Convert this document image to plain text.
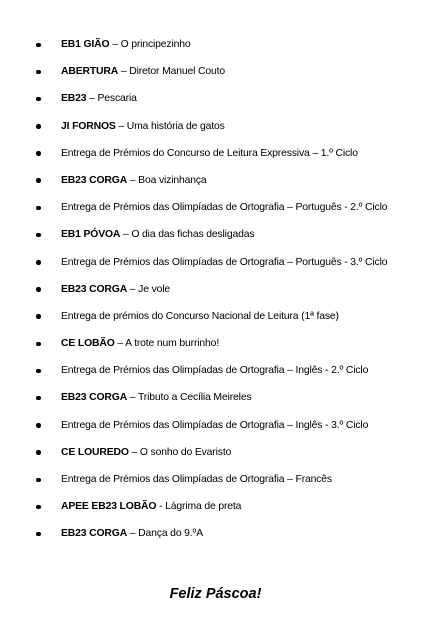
EB1 GIÃO – O principezinho
ABERTURA – Diretor Manuel Couto
EB23 – Pescaria
JI FORNOS – Uma história de gatos
Entrega de Prémios do Concurso de Leitura Expressiva – 1.º Ciclo
EB23 CORGA – Boa vizinhança
Entrega de Prémios das Olimpíadas de Ortografia – Português - 2.º Ciclo
EB1 PÓVOA – O dia das fichas desligadas
Entrega de Prémios das Olimpíadas de Ortografia – Português - 3.º Ciclo
EB23 CORGA – Je vole
Entrega de prémios do Concurso Nacional de Leitura (1ª fase)
CE LOBÃO – A trote num burrinho!
Entrega de Prémios das Olimpíadas de Ortografia – Inglês - 2.º Ciclo
EB23 CORGA – Tributo a Cecília Meireles
Entrega de Prémios das Olimpíadas de Ortografia – Inglês - 3.º Ciclo
CE LOUREDO – O sonho do Evaristo
Entrega de Prémios das Olimpíadas de Ortografia – Francês
APEE EB23 LOBÃO - Lágrima de preta
EB23 CORGA – Dança do 9.ºA
Feliz Páscoa!
